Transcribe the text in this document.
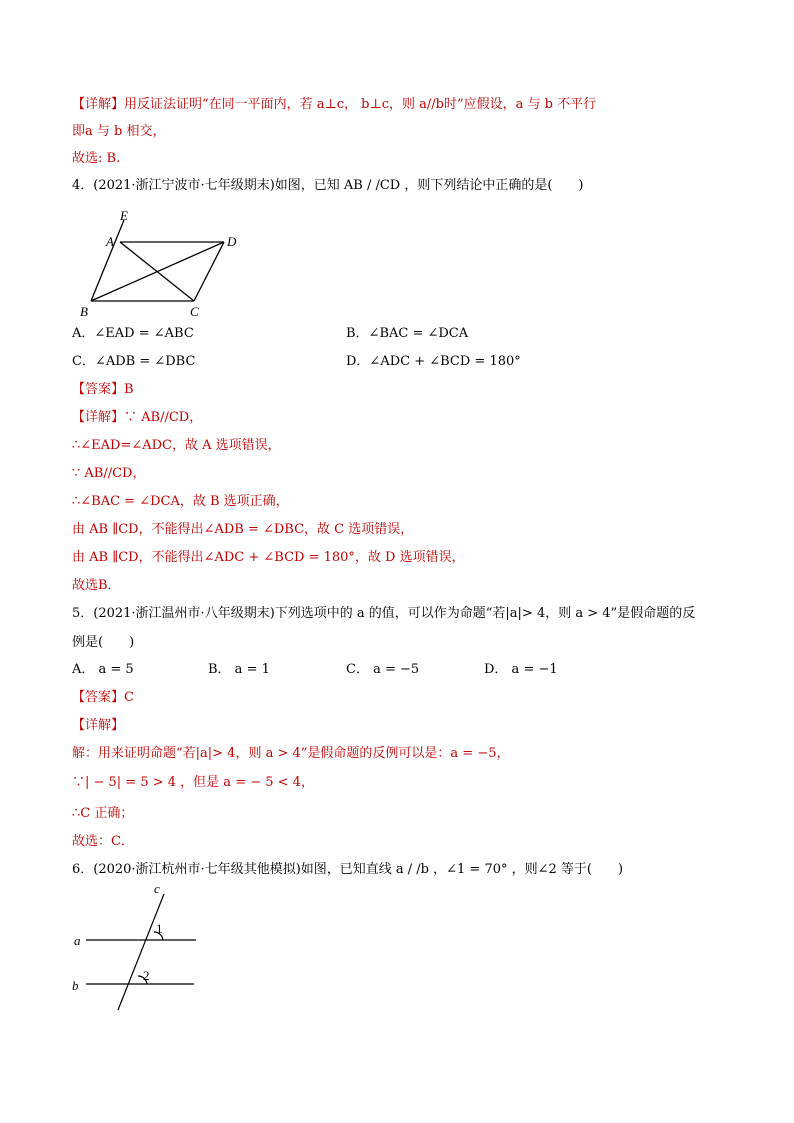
【详解】用反证法证明“在同一平面内，若 a⊥c， b⊥c，则 a//b时”应假设，a 与 b 不平行
即a 与 b 相交，
故选: B.
4．(2021·浙江宁波市·七年级期末)如图，已知 AB / /CD ，则下列结论中正确的是(　　)
E
A	D
B	C
A．∠EAD = ∠ABC	B．∠BAC = ∠DCA
C．∠ADB = ∠DBC	D．∠ADC + ∠BCD = 180°
【答案】B
【详解】∵ AB//CD，
∴∠EAD=∠ADC，故 A 选项错误，
∵ AB//CD，
∴∠BAC = ∠DCA，故 B 选项正确，
由 AB ∥CD，不能得出∠ADB = ∠DBC，故 C 选项错误，
由 AB ∥CD，不能得出∠ADC + ∠BCD = 180°，故 D 选项错误，
故选B．
5．(2021·浙江温州市·八年级期末)下列选项中的 a 的值，可以作为命题“若|a|> 4，则 a > 4”是假命题的反
例是(　　)
A． a = 5	B． a = 1	C． a = −5	D． a = −1
【答案】C
【详解】
解：用来证明命题“若|a|> 4，则 a > 4”是假命题的反例可以是：a = −5，
∵| − 5| = 5 > 4 ，但是 a = − 5 < 4，
∴C 正确；
故选：C．
6．(2020·浙江杭州市·七年级其他模拟)如图，已知直线 a / /b ，∠1 = 70° ，则∠2 等于(　　)
c
a
b
1
2
